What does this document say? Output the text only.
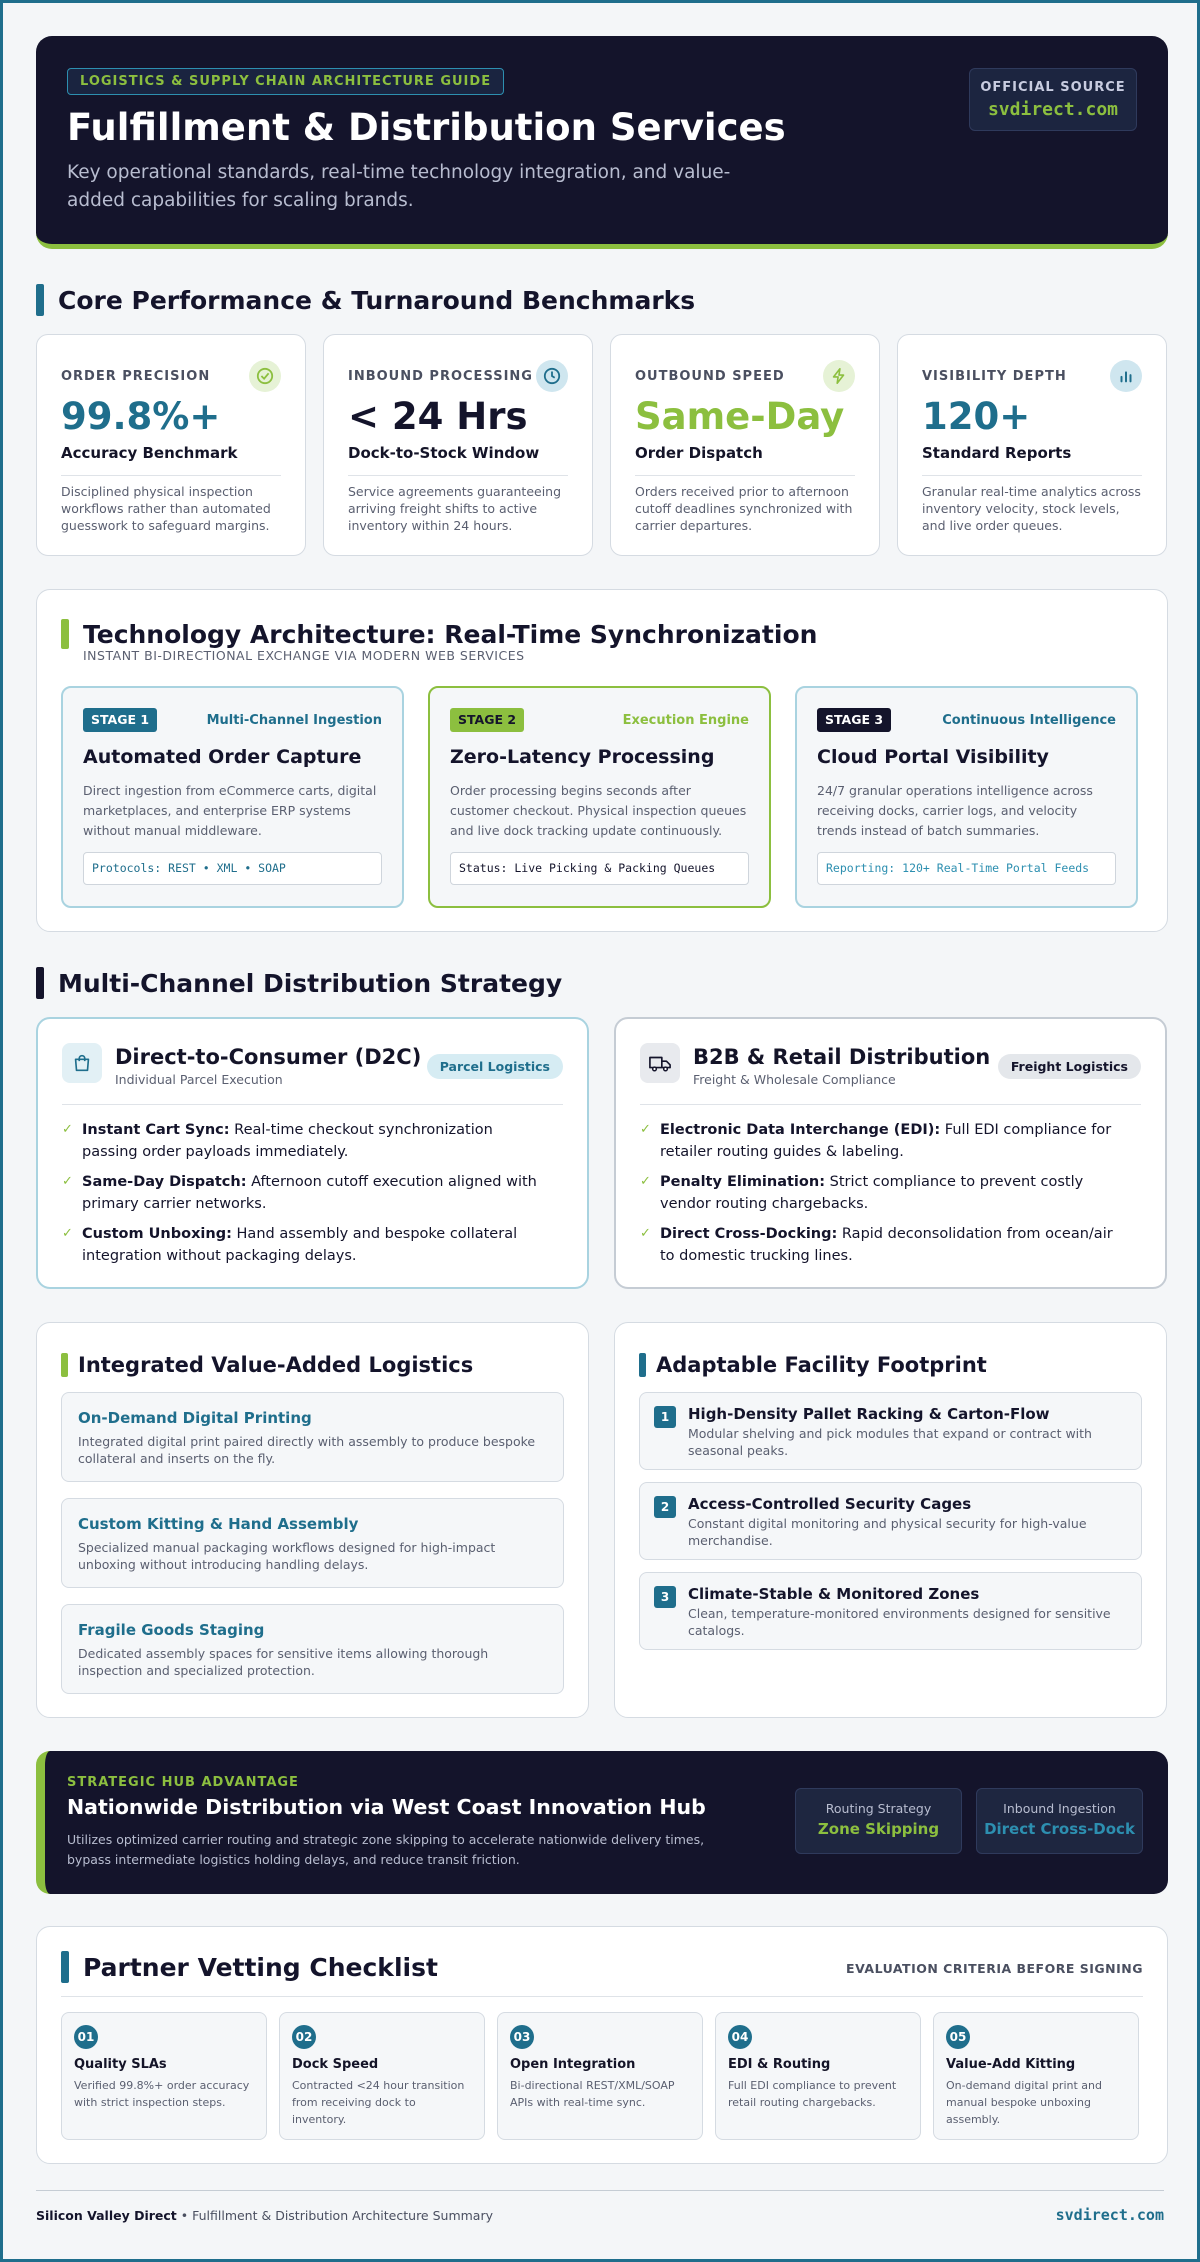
LOGISTICS & SUPPLY CHAIN ARCHITECTURE GUIDE
Fulfillment & Distribution Services

Key operational standards, real-time technology integration, and value-added capabilities for scaling brands.

OFFICIAL SOURCE
svdirect.com
Core Performance & Turnaround Benchmarks
ORDER PRECISION
99.8%+
Accuracy Benchmark
Disciplined physical inspection workflows rather than automated guesswork to safeguard margins.
INBOUND PROCESSING
< 24 Hrs
Dock-to-Stock Window
Service agreements guaranteeing arriving freight shifts to active inventory within 24 hours.
OUTBOUND SPEED
Same-Day
Order Dispatch
Orders received prior to afternoon cutoff deadlines synchronized with carrier departures.
VISIBILITY DEPTH
120+
Standard Reports
Granular real-time analytics across inventory velocity, stock levels, and live order queues.
Technology Architecture: Real-Time Synchronization
INSTANT BI-DIRECTIONAL EXCHANGE VIA MODERN WEB SERVICES
STAGE 1	Multi-Channel Ingestion
Automated Order Capture
Direct ingestion from eCommerce carts, digital marketplaces, and enterprise ERP systems without manual middleware.
Protocols: REST • XML • SOAP
STAGE 2	Execution Engine
Zero-Latency Processing
Order processing begins seconds after customer checkout. Physical inspection queues and live dock tracking update continuously.
Status: Live Picking & Packing Queues
STAGE 3	Continuous Intelligence
Cloud Portal Visibility
24/7 granular operations intelligence across receiving docks, carrier logs, and velocity trends instead of batch summaries.
Reporting: 120+ Real-Time Portal Feeds
Multi-Channel Distribution Strategy
Direct-to-Consumer (D2C)
Individual Parcel Execution
Parcel Logistics
✓ Instant Cart Sync: Real-time checkout synchronization passing order payloads immediately.
✓ Same-Day Dispatch: Afternoon cutoff execution aligned with primary carrier networks.
✓ Custom Unboxing: Hand assembly and bespoke collateral integration without packaging delays.
B2B & Retail Distribution
Freight & Wholesale Compliance
Freight Logistics
✓ Electronic Data Interchange (EDI): Full EDI compliance for retailer routing guides & labeling.
✓ Penalty Elimination: Strict compliance to prevent costly vendor routing chargebacks.
✓ Direct Cross-Docking: Rapid deconsolidation from ocean/air to domestic trucking lines.
Integrated Value-Added Logistics
On-Demand Digital Printing

Integrated digital print paired directly with assembly to produce bespoke collateral and inserts on the fly.

Custom Kitting & Hand Assembly

Specialized manual packaging workflows designed for high-impact unboxing without introducing handling delays.

Fragile Goods Staging

Dedicated assembly spaces for sensitive items allowing thorough inspection and specialized protection.

Adaptable Facility Footprint
1	High-Density Pallet Racking & Carton-Flow

Modular shelving and pick modules that expand or contract with seasonal peaks.

2	Access-Controlled Security Cages

Constant digital monitoring and physical security for high-value merchandise.

3	Climate-Stable & Monitored Zones

Clean, temperature-monitored environments designed for sensitive catalogs.

STRATEGIC HUB ADVANTAGE
Nationwide Distribution via West Coast Innovation Hub

Utilizes optimized carrier routing and strategic zone skipping to accelerate nationwide delivery times, bypass intermediate logistics holding delays, and reduce transit friction.

Routing Strategy
Zone Skipping
Inbound Ingestion
Direct Cross-Dock
Partner Vetting Checklist	EVALUATION CRITERIA BEFORE SIGNING
01
Quality SLAs

Verified 99.8%+ order accuracy with strict inspection steps.

02
Dock Speed

Contracted <24 hour transition from receiving dock to inventory.

03
Open Integration

Bi-directional REST/XML/SOAP APIs with real-time sync.

04
EDI & Routing

Full EDI compliance to prevent retail routing chargebacks.

05
Value-Add Kitting

On-demand digital print and manual bespoke unboxing assembly.

Silicon Valley Direct • Fulfillment & Distribution Architecture Summary	svdirect.com
